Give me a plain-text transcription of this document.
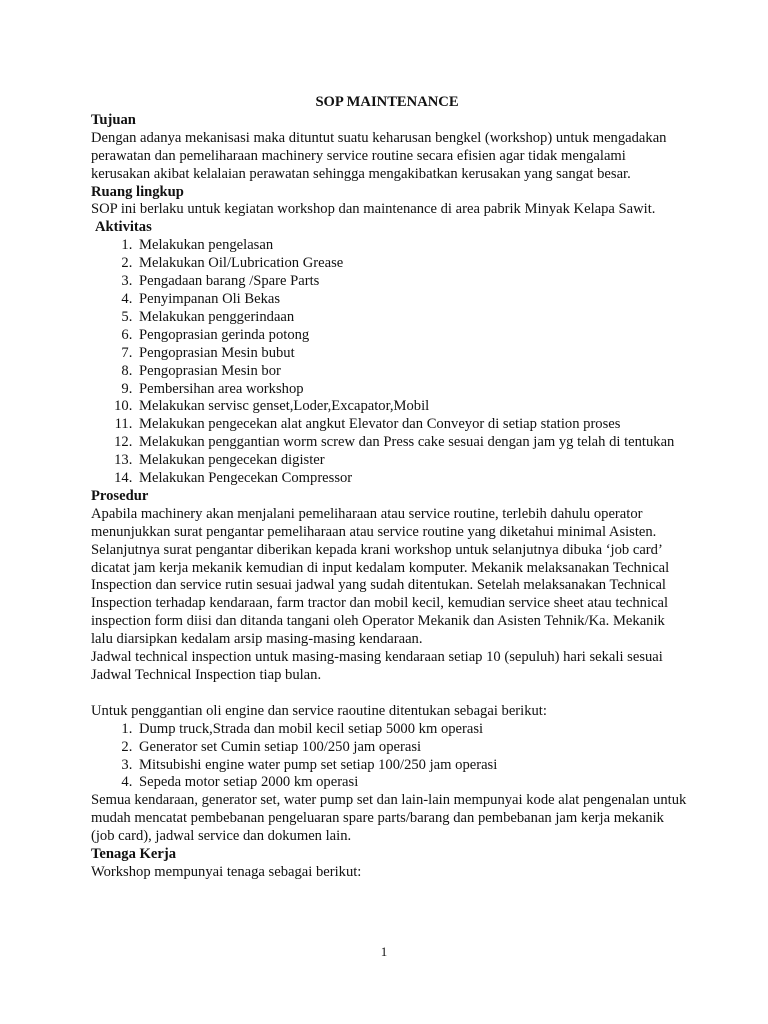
SOP MAINTENANCE
Tujuan

Dengan adanya mekanisasi maka dituntut suatu keharusan bengkel (workshop) untuk mengadakan perawatan dan pemeliharaan machinery service routine secara efisien agar tidak mengalami kerusakan akibat kelalaian perawatan sehingga mengakibatkan kerusakan yang sangat besar.

Ruang lingkup

SOP ini berlaku untuk kegiatan workshop dan maintenance di area pabrik Minyak Kelapa Sawit.

Aktivitas
1. Melakukan pengelasan
2. Melakukan Oil/Lubrication Grease
3. Pengadaan barang /Spare Parts
4. Penyimpanan Oli Bekas
5. Melakukan penggerindaan
6. Pengoprasian gerinda potong
7. Pengoprasian Mesin bubut
8. Pengoprasian Mesin bor
9. Pembersihan area workshop
10. Melakukan servisc genset,Loder,Excapator,Mobil
11. Melakukan pengecekan alat angkut Elevator dan Conveyor di setiap station proses
12. Melakukan penggantian worm screw dan Press cake sesuai dengan jam yg telah di tentukan
13. Melakukan pengecekan digister
14. Melakukan Pengecekan Compressor
Prosedur

Apabila machinery akan menjalani pemeliharaan atau service routine, terlebih dahulu operator menunjukkan surat pengantar pemeliharaan atau service routine yang diketahui minimal Asisten. Selanjutnya surat pengantar diberikan kepada krani workshop untuk selanjutnya dibuka ‘job card’ dicatat jam kerja mekanik kemudian di input kedalam komputer. Mekanik melaksanakan Technical Inspection dan service rutin sesuai jadwal yang sudah ditentukan. Setelah melaksanakan Technical Inspection terhadap kendaraan, farm tractor dan mobil kecil, kemudian service sheet atau technical inspection form diisi dan ditanda tangani oleh Operator Mekanik dan Asisten Tehnik/Ka. Mekanik lalu diarsipkan kedalam arsip masing-masing kendaraan.

Jadwal technical inspection untuk masing-masing kendaraan setiap 10 (sepuluh) hari sekali sesuai Jadwal Technical Inspection tiap bulan.

Untuk penggantian oli engine dan service raoutine ditentukan sebagai berikut:

1. Dump truck,Strada dan mobil kecil setiap 5000 km operasi
2. Generator set Cumin setiap 100/250 jam operasi
3. Mitsubishi engine water pump set setiap 100/250 jam operasi
4. Sepeda motor setiap 2000 km operasi

Semua kendaraan, generator set, water pump set dan lain-lain mempunyai kode alat pengenalan untuk mudah mencatat pembebanan pengeluaran spare parts/barang dan pembebanan jam kerja mekanik (job card), jadwal service dan dokumen lain.

Tenaga Kerja

Workshop mempunyai tenaga sebagai berikut:

1
